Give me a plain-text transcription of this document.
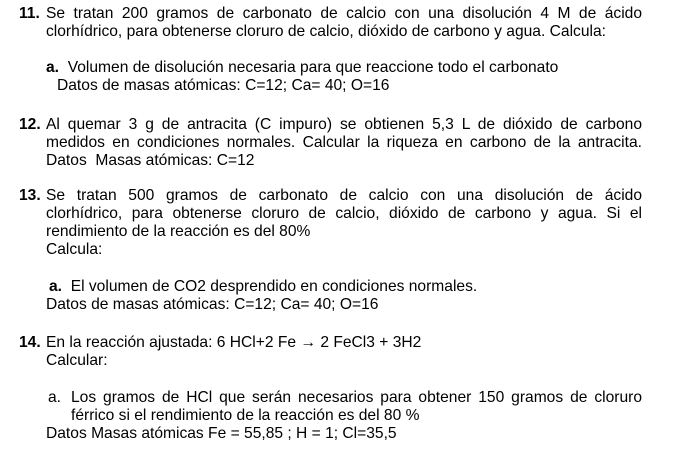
11. Se tratan 200 gramos de carbonato de calcio con una disolución 4 M de ácido
clorhídrico, para obtenerse cloruro de calcio, dióxido de carbono y agua. Calcula:
a. Volumen de disolución necesaria para que reaccione todo el carbonato
Datos de masas atómicas: C=12; Ca= 40; O=16
12. Al quemar 3 g de antracita (C impuro) se obtienen 5,3 L de dióxido de carbono
medidos en condiciones normales. Calcular la riqueza en carbono de la antracita.
Datos  Masas atómicas: C=12
13. Se tratan 500 gramos de carbonato de calcio con una disolución de ácido
clorhídrico, para obtenerse cloruro de calcio, dióxido de carbono y agua. Si el
rendimiento de la reacción es del 80%
Calcula:
a. El volumen de CO2 desprendido en condiciones normales.
Datos de masas atómicas: C=12; Ca= 40; O=16
14. En la reacción ajustada: 6 HCl+2 Fe → 2 FeCl3 + 3H2
Calcular:
a. Los gramos de HCl que serán necesarios para obtener 150 gramos de cloruro
férrico si el rendimiento de la reacción es del 80 %
Datos Masas atómicas Fe = 55,85 ; H = 1; Cl=35,5
